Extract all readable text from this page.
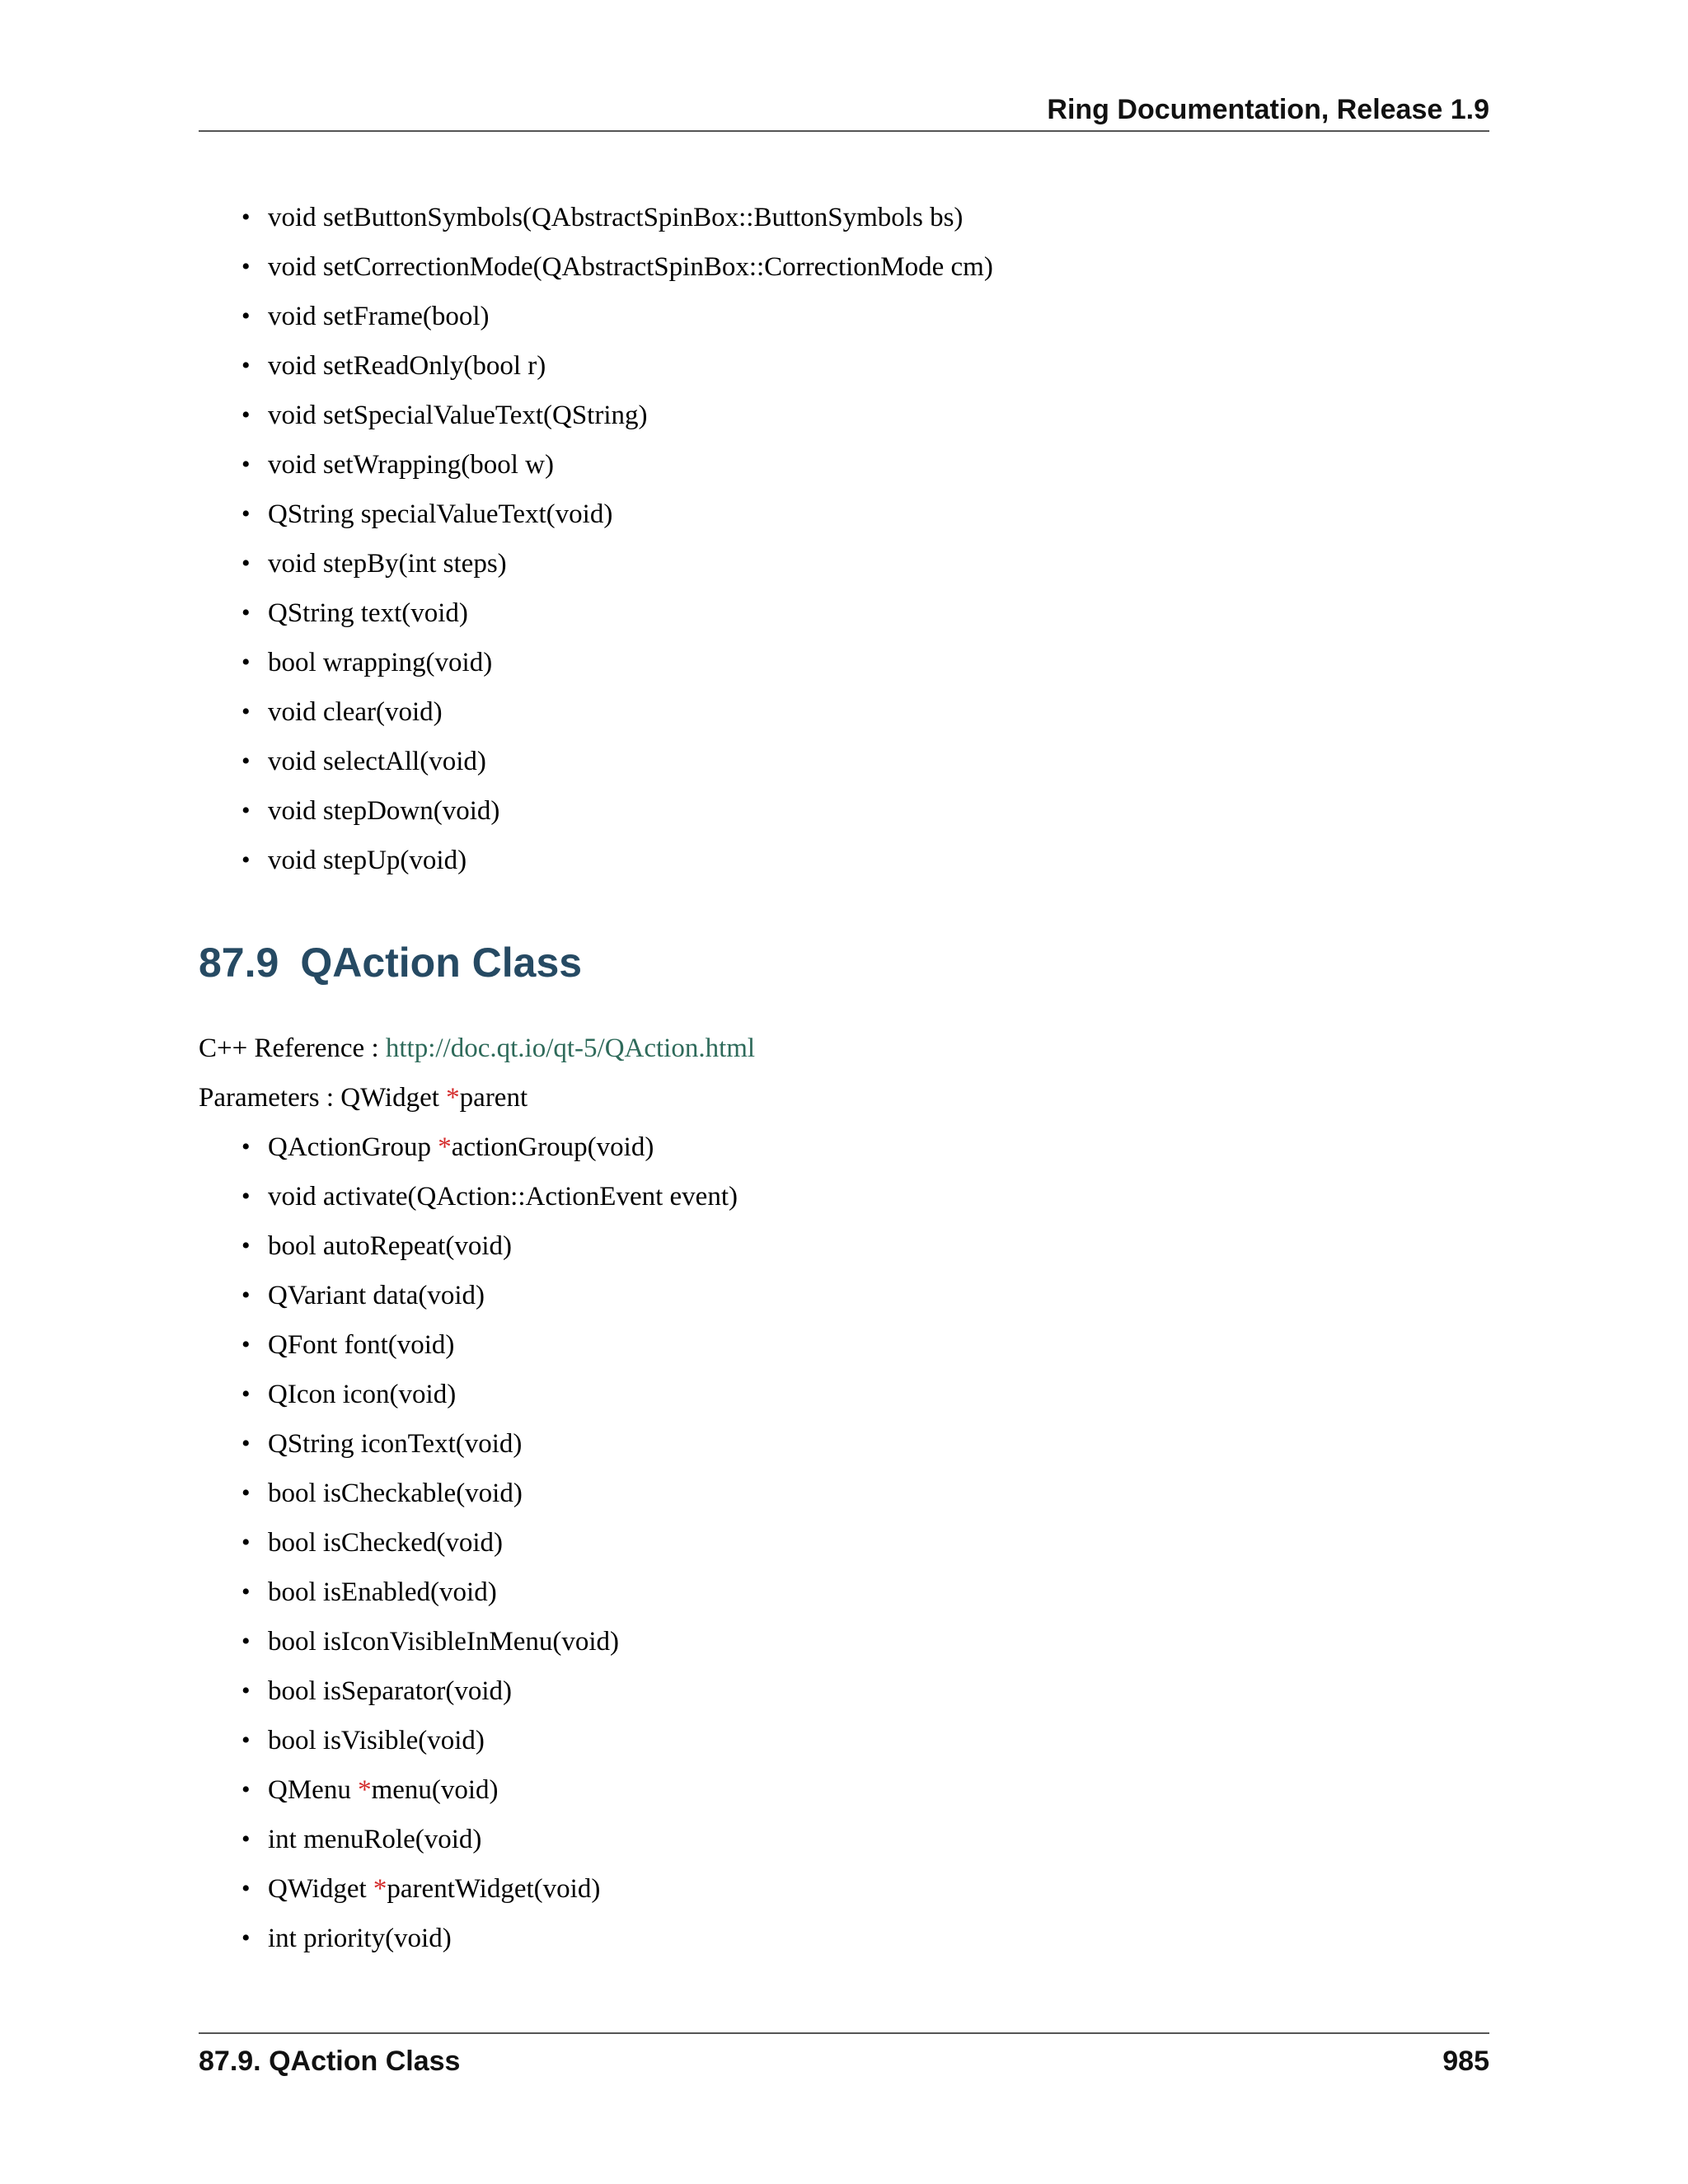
Ring Documentation, Release 1.9
• void setButtonSymbols(QAbstractSpinBox::ButtonSymbols bs)
• void setCorrectionMode(QAbstractSpinBox::CorrectionMode cm)
• void setFrame(bool)
• void setReadOnly(bool r)
• void setSpecialValueText(QString)
• void setWrapping(bool w)
• QString specialValueText(void)
• void stepBy(int steps)
• QString text(void)
• bool wrapping(void)
• void clear(void)
• void selectAll(void)
• void stepDown(void)
• void stepUp(void)
87.9 QAction Class
C++ Reference : http://doc.qt.io/qt-5/QAction.html
Parameters : QWidget *parent
• QActionGroup *actionGroup(void)
• void activate(QAction::ActionEvent event)
• bool autoRepeat(void)
• QVariant data(void)
• QFont font(void)
• QIcon icon(void)
• QString iconText(void)
• bool isCheckable(void)
• bool isChecked(void)
• bool isEnabled(void)
• bool isIconVisibleInMenu(void)
• bool isSeparator(void)
• bool isVisible(void)
• QMenu *menu(void)
• int menuRole(void)
• QWidget *parentWidget(void)
• int priority(void)
87.9. QAction Class	985
